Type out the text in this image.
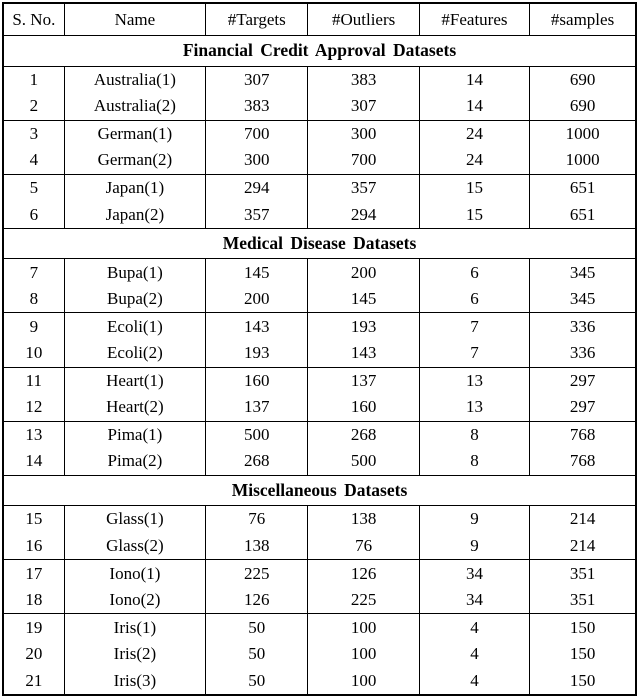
S. No.	Name	#Targets	#Outliers	#Features	#samples
Financial Credit Approval Datasets					
1	Australia(1)	307	383	14	690
2	Australia(2)	383	307	14	690
3	German(1)	700	300	24	1000
4	German(2)	300	700	24	1000
5	Japan(1)	294	357	15	651
6	Japan(2)	357	294	15	651
Medical Disease Datasets					
7	Bupa(1)	145	200	6	345
8	Bupa(2)	200	145	6	345
9	Ecoli(1)	143	193	7	336
10	Ecoli(2)	193	143	7	336
11	Heart(1)	160	137	13	297
12	Heart(2)	137	160	13	297
13	Pima(1)	500	268	8	768
14	Pima(2)	268	500	8	768
Miscellaneous Datasets					
15	Glass(1)	76	138	9	214
16	Glass(2)	138	76	9	214
17	Iono(1)	225	126	34	351
18	Iono(2)	126	225	34	351
19	Iris(1)	50	100	4	150
20	Iris(2)	50	100	4	150
21	Iris(3)	50	100	4	150
